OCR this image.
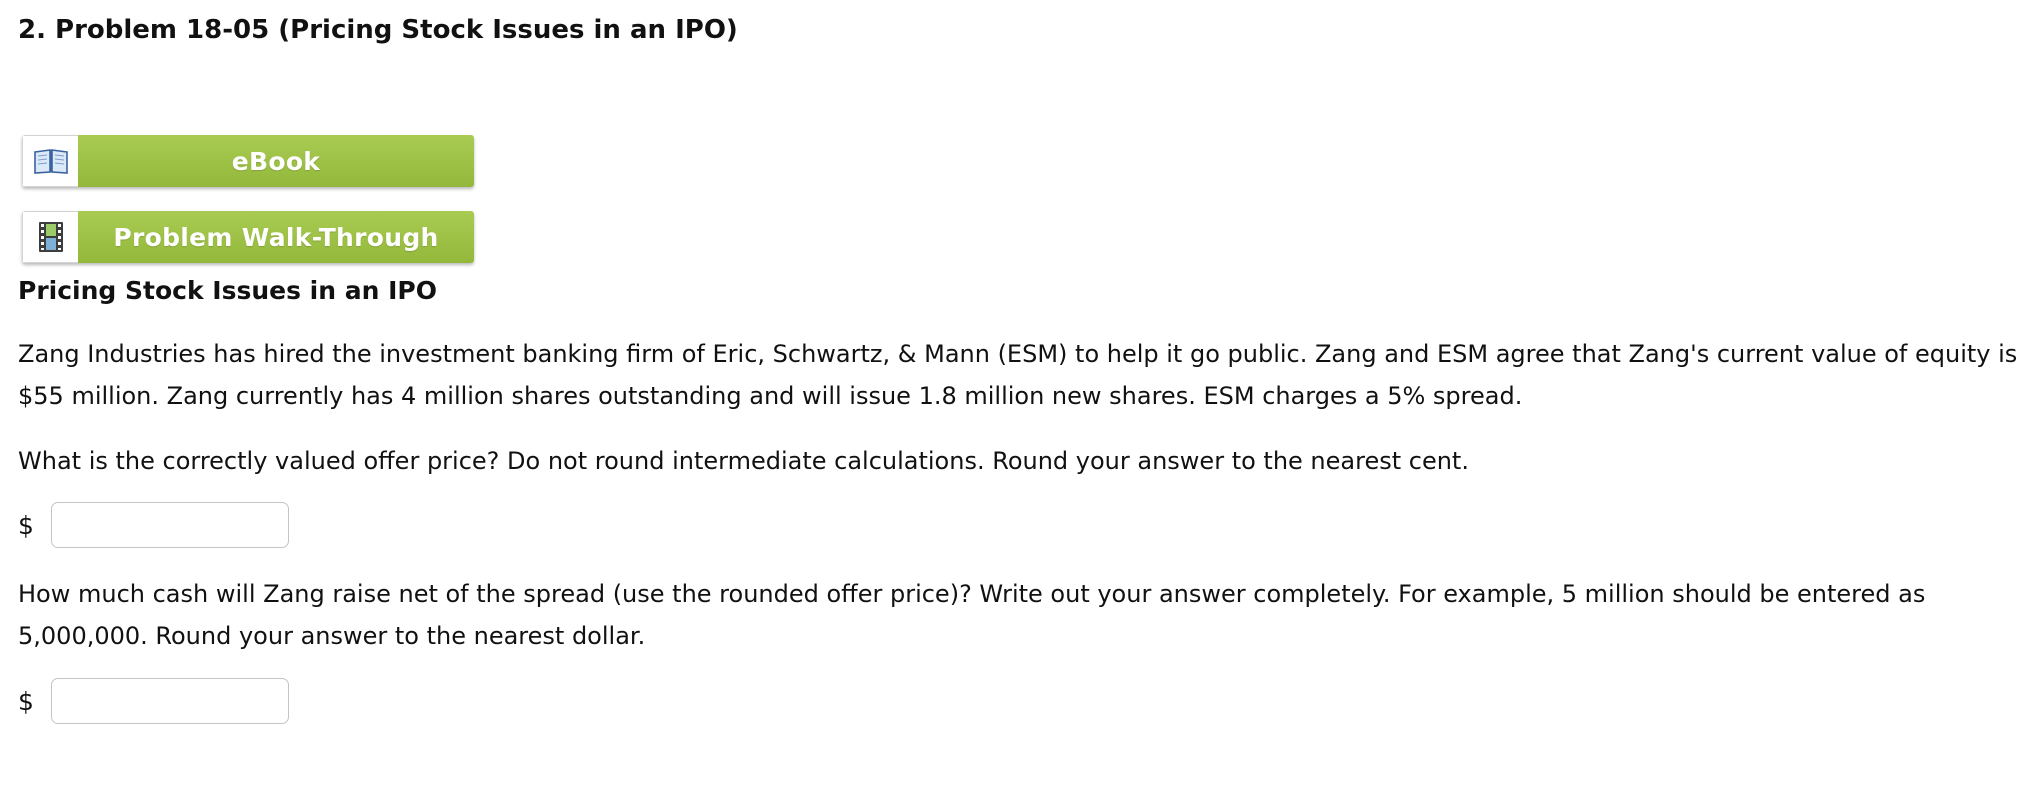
2. Problem 18-05 (Pricing Stock Issues in an IPO)
eBook
Problem Walk-Through
Pricing Stock Issues in an IPO

Zang Industries has hired the investment banking firm of Eric, Schwartz, & Mann (ESM) to help it go public. Zang and ESM agree that Zang's current value of equity is $55 million. Zang currently has 4 million shares outstanding and will issue 1.8 million new shares. ESM charges a 5% spread.

What is the correctly valued offer price? Do not round intermediate calculations. Round your answer to the nearest cent.

$

How much cash will Zang raise net of the spread (use the rounded offer price)? Write out your answer completely. For example, 5 million should be entered as 5,000,000. Round your answer to the nearest dollar.

$
